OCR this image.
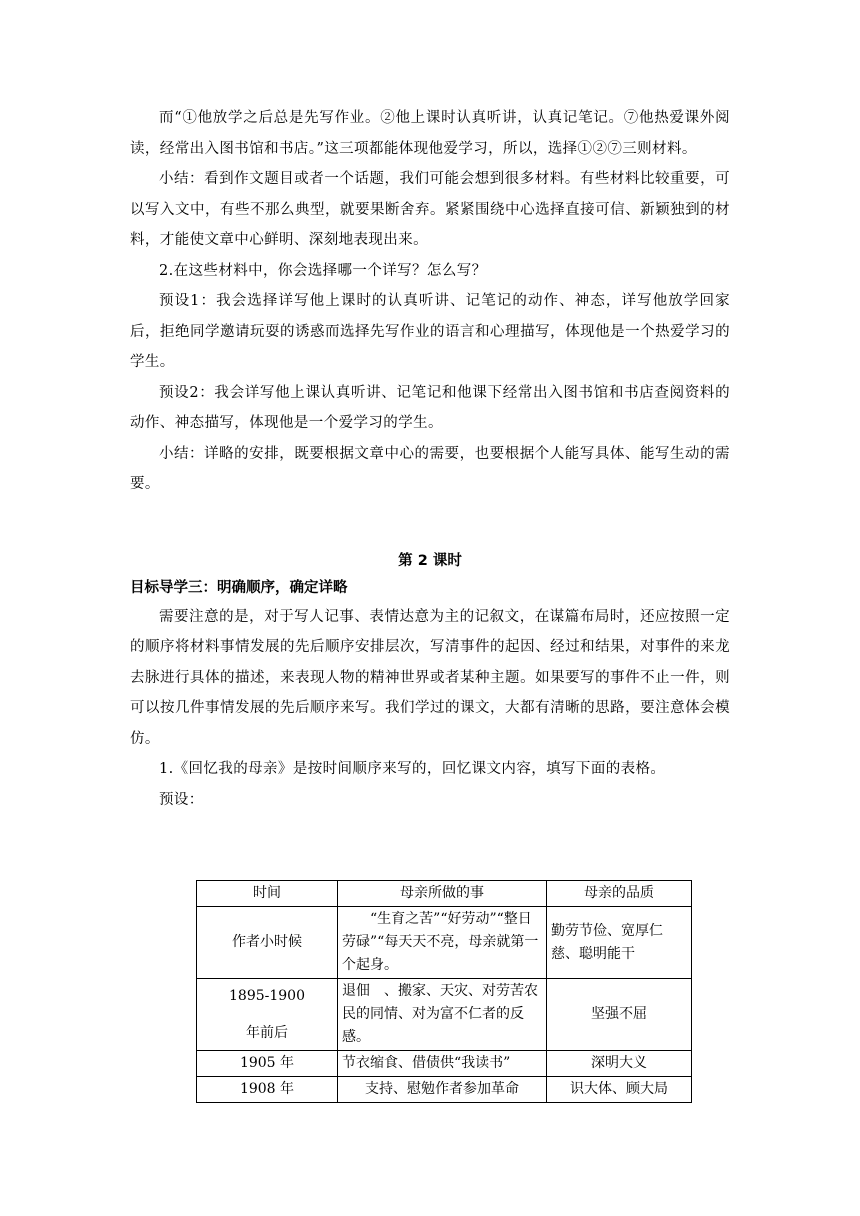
而“①他放学之后总是先写作业。②他上课时认真听讲，认真记笔记。⑦他热爱课外阅读，经常出入图书馆和书店。”这三项都能体现他爱学习，所以，选择①②⑦三则材料。

小结：看到作文题目或者一个话题，我们可能会想到很多材料。有些材料比较重要，可以写入文中，有些不那么典型，就要果断舍弃。紧紧围绕中心选择直接可信、新颖独到的材料，才能使文章中心鲜明、深刻地表现出来。

2.在这些材料中，你会选择哪一个详写？怎么写？

预设1：我会选择详写他上课时的认真听讲、记笔记的动作、神态，详写他放学回家后，拒绝同学邀请玩耍的诱惑而选择先写作业的语言和心理描写，体现他是一个热爱学习的学生。

预设2：我会详写他上课认真听讲、记笔记和他课下经常出入图书馆和书店查阅资料的动作、神态描写，体现他是一个爱学习的学生。

小结：详略的安排，既要根据文章中心的需要，也要根据个人能写具体、能写生动的需要。

第 2 课时
目标导学三：明确顺序，确定详略

需要注意的是，对于写人记事、表情达意为主的记叙文，在谋篇布局时，还应按照一定的顺序将材料事情发展的先后顺序安排层次，写清事件的起因、经过和结果，对事件的来龙去脉进行具体的描述，来表现人物的精神世界或者某种主题。如果要写的事件不止一件，则可以按几件事情发展的先后顺序来写。我们学过的课文，大都有清晰的思路，要注意体会模仿。

1.《回忆我的母亲》是按时间顺序来写的，回忆课文内容，填写下面的表格。

预设：

时间	母亲所做的事	母亲的品质

作者小时候	“生育之苦”“好劳动”“整日劳碌”“每天天不亮，母亲就第一个起身。	勤劳节俭、宽厚仁慈、聪明能干

1895-1900
年前后	退佃　、搬家、天灾、对劳苦农民的同情、对为富不仁者的反感。	坚强不屈

1905 年	节衣缩食、借债供“我读书”	深明大义

1908 年	支持、慰勉作者参加革命	识大体、顾大局
